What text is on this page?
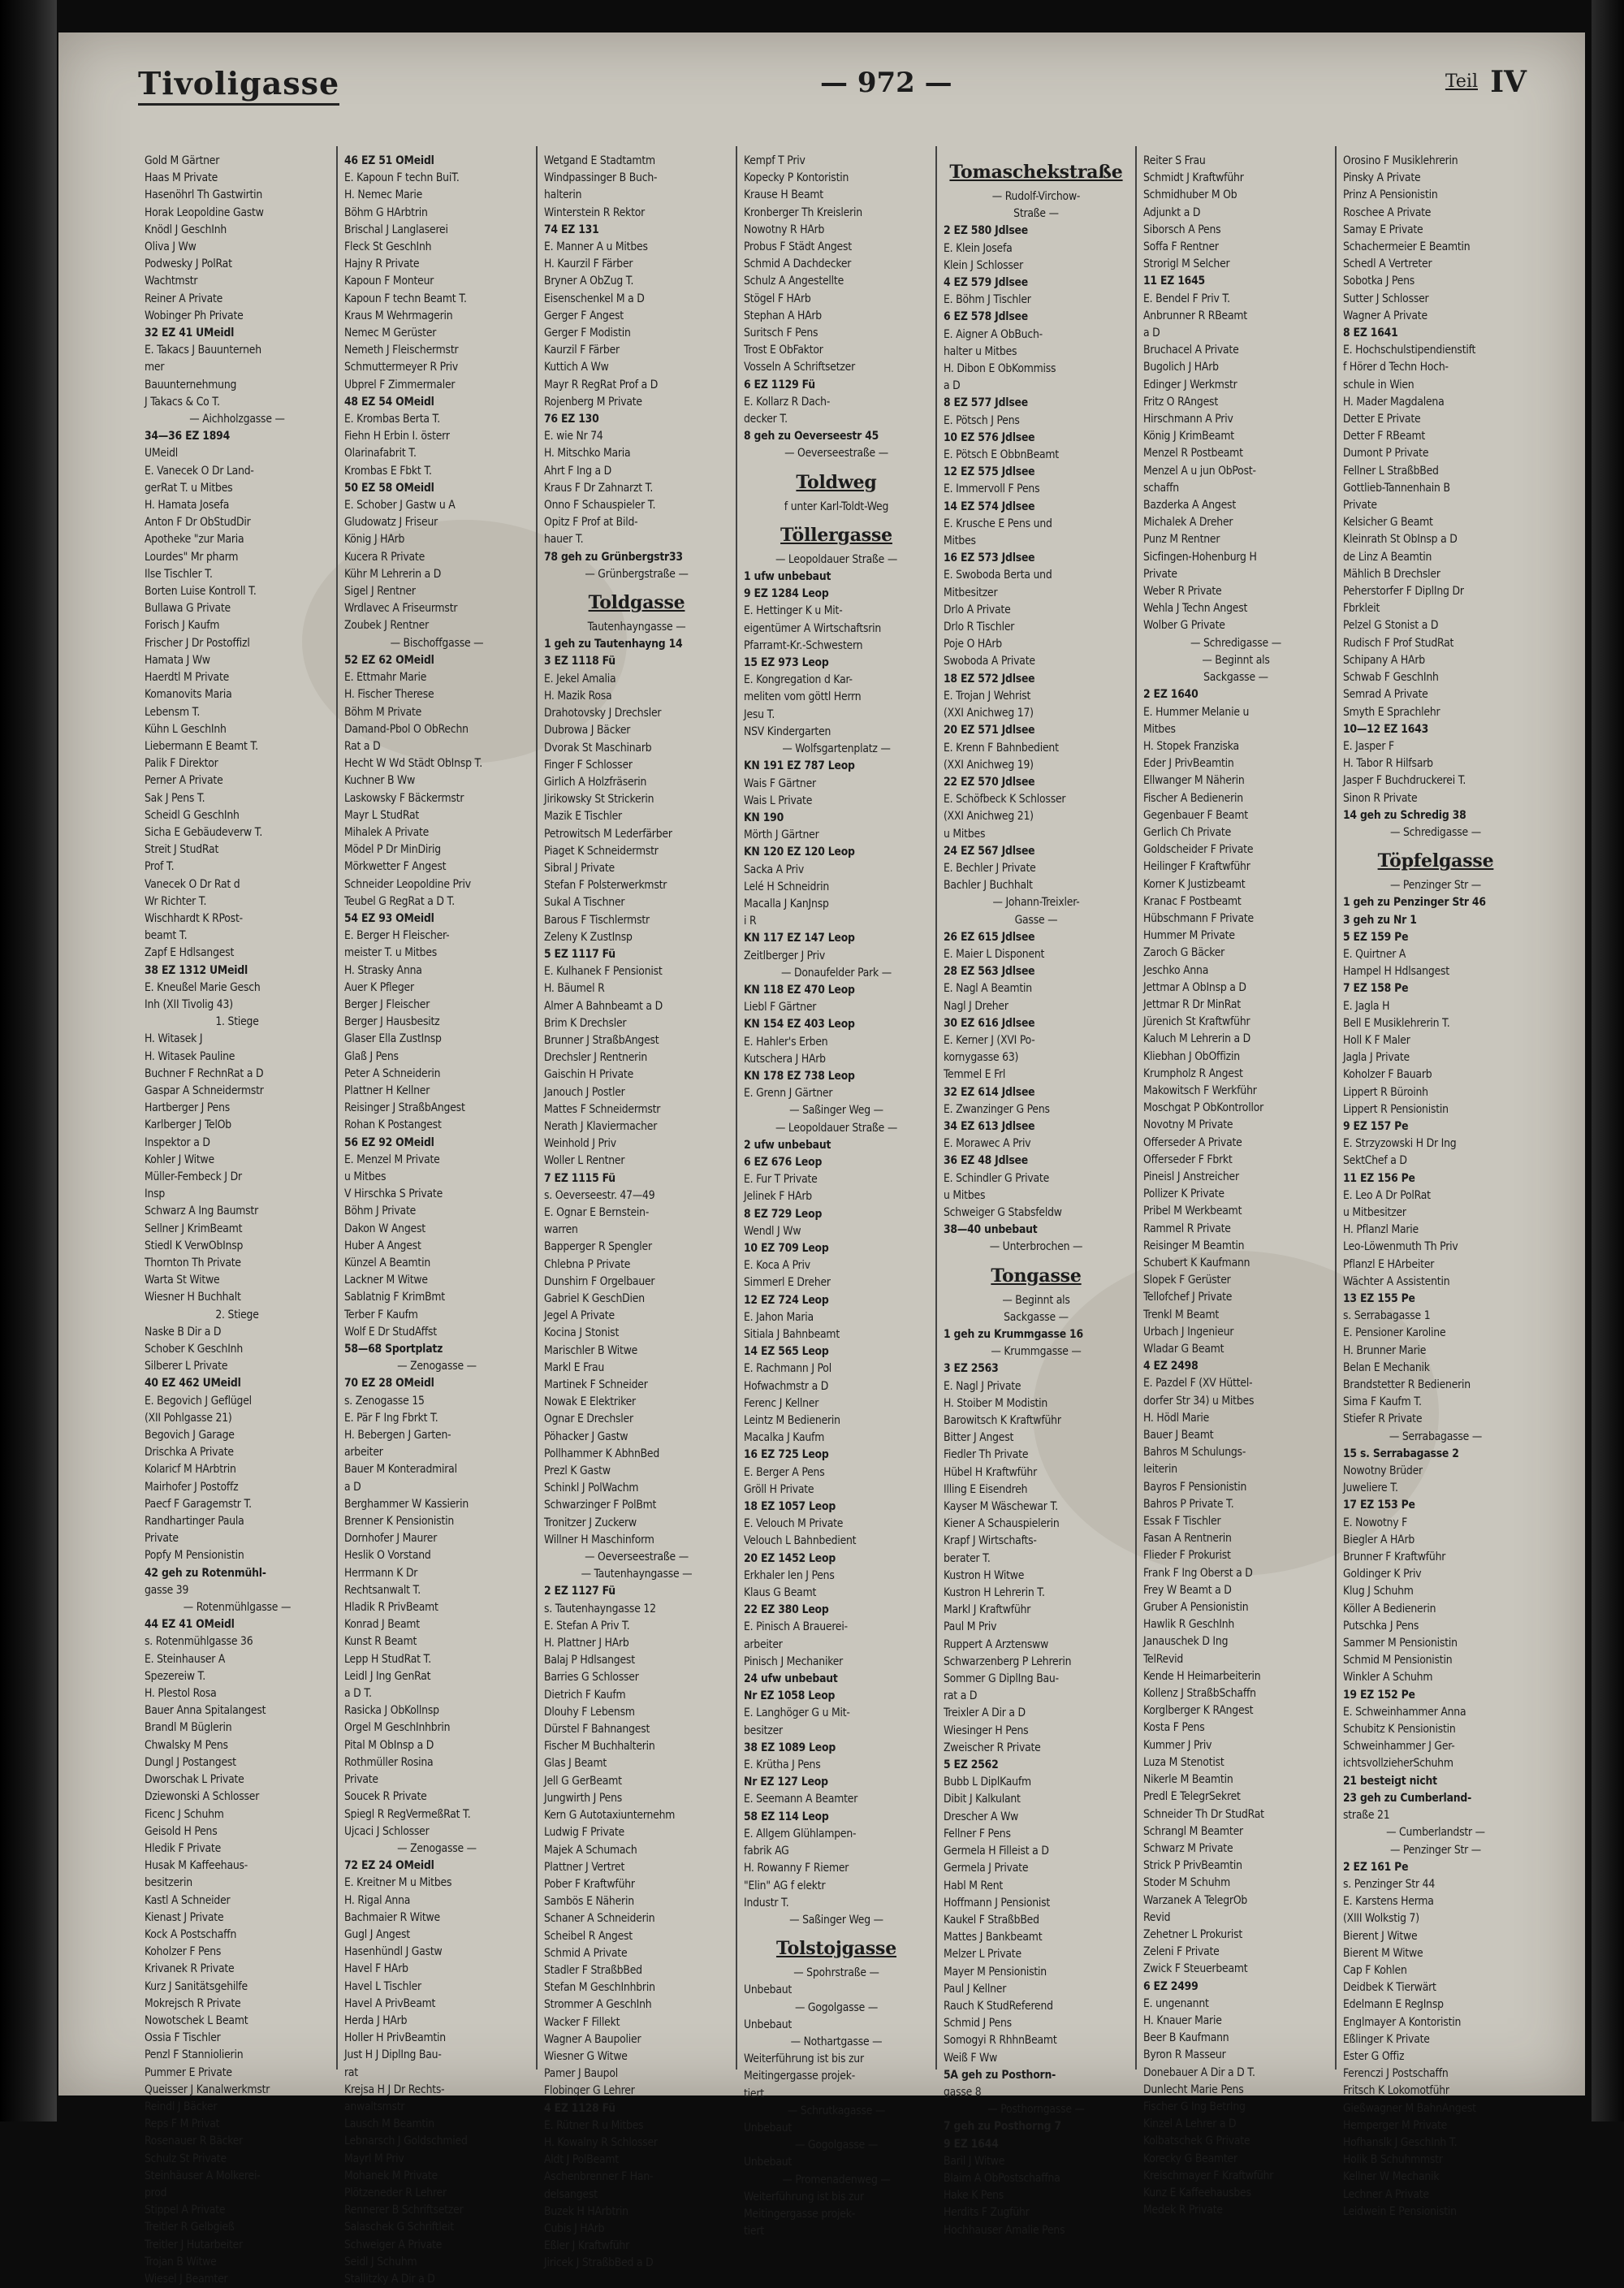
Tivoligasse	— 972 —	Teil IV
Gold M Gärtner
Haas M Private
Hasenöhrl Th Gastwirtin
Horak Leopoldine Gastw
Knödl J GeschInh
Oliva J Ww
Podwesky J PolRat
Wachtmstr
Reiner A Private
Wobinger Ph Private
32 EZ 41 UMeidl
E. Takacs J Bauunterneh
mer
Bauunternehmung
J Takacs & Co T.
— Aichholzgasse —
34—36 EZ 1894
UMeidl
E. Vanecek O Dr Land-
gerRat T. u Mitbes
H. Hamata Josefa
Anton F Dr ObStudDir
Apotheke "zur Maria
Lourdes" Mr pharm
Ilse Tischler T.
Borten Luise Kontroll T.
Bullawa G Private
Forisch J Kaufm
Frischer J Dr Postoffizl
Hamata J Ww
Haerdtl M Private
Komanovits Maria
Lebensm T.
Kühn L GeschInh
Liebermann E Beamt T.
Palik F Direktor
Perner A Private
Sak J Pens T.
Scheidl G GeschInh
Sicha E Gebäudeverw T.
Streit J StudRat
Prof T.
Vanecek O Dr Rat d
Wr Richter T.
Wischhardt K RPost-
beamt T.
Zapf E Hdlsangest
38 EZ 1312 UMeidl
E. Kneußel Marie Gesch
Inh (XII Tivolig 43)
1. Stiege
H. Witasek J
H. Witasek Pauline
Buchner F RechnRat a D
Gaspar A Schneidermstr
Hartberger J Pens
Karlberger J TelOb
Inspektor a D
Kohler J Witwe
Müller-Fembeck J Dr
Insp
Schwarz A Ing Baumstr
Sellner J KrimBeamt
Stiedl K VerwObInsp
Thornton Th Private
Warta St Witwe
Wiesner H Buchhalt
2. Stiege
Naske B Dir a D
Schober K GeschInh
Silberer L Private
40 EZ 462 UMeidl
E. Begovich J Geflügel
(XII Pohlgasse 21)
Begovich J Garage
Drischka A Private
Kolaricf M HArbtrin
Mairhofer J Postoffz
Paecf F Garagemstr T.
Randhartinger Paula
Private
Popfy M Pensionistin
42 geh zu Rotenmühl-
gasse 39
— Rotenmühlgasse —
44 EZ 41 OMeidl
s. Rotenmühlgasse 36
E. Steinhauser A
Spezereiw T.
H. Plestol Rosa
Bauer Anna Spitalangest
Brandl M Büglerin
Chwalsky M Pens
Dungl J Postangest
Dworschak L Private
Dziewonski A Schlosser
Ficenc J Schuhm
Geisold H Pens
Hledik F Private
Husak M Kaffeehaus-
besitzerin
Kastl A Schneider
Kienast J Private
Kock A Postschaffn
Koholzer F Pens
Krivanek R Private
Kurz J Sanitätsgehilfe
Mokrejsch R Private
Nowotschek L Beamt
Ossia F Tischler
Penzl F Stanniolierin
Pummer E Private
Queisser J Kanalwerkmstr
Reindl J Bäcker
Reps F M Privat
Rosenauer R Bäcker
Schulz St Private
Steinhäuser A Molkerei-
prod
Stippel A Private
Treitler R Gelbgieß
Treitler J Hutarbeiter
Trojan B Witwe
Wiesel J Beamter
46 EZ 51 OMeidl
E. Kapoun F techn BuiT.
H. Nemec Marie
Böhm G HArbtrin
Brischal J Langlaserei
Fleck St GeschInh
Hajny R Private
Kapoun F Monteur
Kapoun F techn Beamt T.
Kraus M Wehrmagerin
Nemec M Gerüster
Nemeth J Fleischermstr
Schmuttermeyer R Priv
Ubprel F Zimmermaler
48 EZ 54 OMeidl
E. Krombas Berta T.
Fiehn H Erbin I. österr
Olarinafabrit T.
Krombas E Fbkt T.
50 EZ 58 OMeidl
E. Schober J Gastw u A
Gludowatz J Friseur
König J HArb
Kucera R Private
Kühr M Lehrerin a D
Sigel J Rentner
Wrdlavec A Friseurmstr
Zoubek J Rentner
— Bischoffgasse —
52 EZ 62 OMeidl
E. Ettmahr Marie
H. Fischer Therese
Böhm M Private
Damand-Pbol O ObRechn
Rat a D
Hecht W Wd Städt ObInsp T.
Kuchner B Ww
Laskowsky F Bäckermstr
Mayr L StudRat
Mihalek A Private
Mödel P Dr MinDirig
Mörkwetter F Angest
Schneider Leopoldine Priv
Teubel G RegRat a D T.
54 EZ 93 OMeidl
E. Berger H Fleischer-
meister T. u Mitbes
H. Strasky Anna
Auer K Pfleger
Berger J Fleischer
Berger J Hausbesitz
Glaser Ella ZustInsp
Glaß J Pens
Peter A Schneiderin
Plattner H Kellner
Reisinger J StraßbAngest
Rohan K Postangest
56 EZ 92 OMeidl
E. Menzel M Private
u Mitbes
V Hirschka S Private
Böhm J Private
Dakon W Angest
Huber A Angest
Künzel A Beamtin
Lackner M Witwe
Sablatnig F KrimBmt
Terber F Kaufm
Wolf E Dr StudAffst
58—68 Sportplatz
— Zenogasse —
70 EZ 28 OMeidl
s. Zenogasse 15
E. Pär F Ing Fbrkt T.
H. Bebergen J Garten-
arbeiter
Bauer M Konteradmiral
a D
Berghammer W Kassierin
Brenner K Pensionistin
Dornhofer J Maurer
Heslik O Vorstand
Herrmann K Dr
Rechtsanwalt T.
Hladik R PrivBeamt
Konrad J Beamt
Kunst R Beamt
Lepp H StudRat T.
Leidl J Ing GenRat
a D T.
Rasicka J ObKollnsp
Orgel M GeschInhbrin
Pital M ObInsp a D
Rothmüller Rosina
Private
Soucek R Private
Spiegl R RegVermeßRat T.
Ujcaci J Schlosser
— Zenogasse —
72 EZ 24 OMeidl
E. Kreitner M u Mitbes
H. Rigal Anna
Bachmaier R Witwe
Gugl J Angest
Hasenhündl J Gastw
Havel F HArb
Havel L Tischler
Havel A PrivBeamt
Herda J HArb
Holler H PrivBeamtin
Just H J DiplIng Bau-
rat
Krejsa H J Dr Rechts-
anwaltsmstr
Lausch M Beamtin
Lebnarsch J Goldschmied
Mayrl M Priv
Mohanek M Private
Plötzeneder R Lehrer
Rennerer B Schriftsetzer
Salaschek G Schriftleit
Schweiger A Private
Seidl J Schuhm
Stallitzky A Dir a D
Wetgand E Stadtamtm
Windpassinger B Buch-
halterin
Winterstein R Rektor
74 EZ 131
E. Manner A u Mitbes
H. Kaurzil F Färber
Bryner A ObZug T.
Eisenschenkel M a D
Gerger F Angest
Gerger F Modistin
Kaurzil F Färber
Kuttich A Ww
Mayr R RegRat Prof a D
Rojenberg M Private
76 EZ 130
E. wie Nr 74
H. Mitschko Maria
Ahrt F Ing a D
Kraus F Dr Zahnarzt T.
Onno F Schauspieler T.
Opitz F Prof at Bild-
hauer T.
78 geh zu Grünbergstr33
— Grünbergstraße —
Toldgasse
Tautenhayngasse —
1 geh zu Tautenhayng 14
3 EZ 1118 Fü
E. Jekel Amalia
H. Mazik Rosa
Drahotovsky J Drechsler
Dubrowa J Bäcker
Dvorak St Maschinarb
Finger F Schlosser
Girlich A Holzfräserin
Jirikowsky St Strickerin
Mazik E Tischler
Petrowitsch M Lederfärber
Piaget K Schneidermstr
Sibral J Private
Stefan F Polsterwerkmstr
Sukal A Tischner
Barous F Tischlermstr
Zeleny K ZustInsp
5 EZ 1117 Fü
E. Kulhanek F Pensionist
H. Bäumel R
Almer A Bahnbeamt a D
Brim K Drechsler
Brunner J StraßbAngest
Drechsler J Rentnerin
Gaischin H Private
Janouch J Postler
Mattes F Schneidermstr
Nerath J Klaviermacher
Weinhold J Priv
Woller L Rentner
7 EZ 1115 Fü
s. Oeverseestr. 47—49
E. Ognar E Bernstein-
warren
Bapperger R Spengler
Chlebna P Private
Dunshirn F Orgelbauer
Gabriel K GeschDien
Jegel A Private
Kocina J Stonist
Marischler B Witwe
Markl E Frau
Martinek F Schneider
Nowak E Elektriker
Ognar E Drechsler
Pöhacker J Gastw
Pollhammer K AbhnBed
Prezl K Gastw
Schinkl J PolWachm
Schwarzinger F PolBmt
Tronitzer J Zuckerw
Willner H Maschinform
— Oeverseestraße —
— Tautenhayngasse —
2 EZ 1127 Fü
s. Tautenhayngasse 12
E. Stefan A Priv T.
H. Plattner J HArb
Balaj P Hdlsangest
Barries G Schlosser
Dietrich F Kaufm
Dlouhy F Lebensm
Dürstel F Bahnangest
Fischer M Buchhalterin
Glas J Beamt
Jell G GerBeamt
Jungwirth J Pens
Kern G Autotaxiunternehm
Ludwig F Private
Majek A Schumach
Plattner J Vertret
Pober F Kraftwführ
Sambös E Näherin
Schaner A Schneiderin
Scheibel R Angest
Schmid A Private
Stadler F StraßbBed
Stefan M GeschInhbrin
Strommer A GeschInh
Wacker F Fillekt
Wagner A Baupolier
Wiesner G Witwe
Pamer J Baupol
Flobinger G Lehrer
4 EZ 1128 Fü
E. Rütner R u Mitbes
H. Kowalny R Schlosser
Aldt J PolBeamt
Aschenbrenner F Han-
delsangest
Buzek H HArbtrin
Cubis J HArb
Eßler J Kraftwführ
Jiricek J StraßbBed a D
Kempf T Priv
Kopecky P Kontoristin
Krause H Beamt
Kronberger Th Kreislerin
Nowotny R HArb
Probus F Städt Angest
Schmid A Dachdecker
Schulz A Angestellte
Stögel F HArb
Stephan A HArb
Suritsch F Pens
Trost E ObFaktor
Vosseln A Schriftsetzer
6 EZ 1129 Fü
E. Kollarz R Dach-
decker T.
8 geh zu Oeverseestr 45
— Oeverseestraße —
Toldweg
f unter Karl-Toldt-Weg
Töllergasse
— Leopoldauer Straße —
1 ufw unbebaut
9 EZ 1284 Leop
E. Hettinger K u Mit-
eigentümer A Wirtschaftsrin
Pfarramt-Kr.-Schwestern
15 EZ 973 Leop
E. Kongregation d Kar-
meliten vom göttl Herrn
Jesu T.
NSV Kindergarten
— Wolfsgartenplatz —
KN 191 EZ 787 Leop
Wais F Gärtner
Wais L Private
KN 190
Mörth J Gärtner
KN 120 EZ 120 Leop
Sacka A Priv
Lelé H Schneidrin
Macalla J KanJnsp
i R
KN 117 EZ 147 Leop
Zeitlberger J Priv
— Donaufelder Park —
KN 118 EZ 470 Leop
Liebl F Gärtner
KN 154 EZ 403 Leop
E. Hahler's Erben
Kutschera J HArb
KN 178 EZ 738 Leop
E. Grenn J Gärtner
— Saßinger Weg —
— Leopoldauer Straße —
2 ufw unbebaut
6 EZ 676 Leop
E. Fur T Private
Jelinek F HArb
8 EZ 729 Leop
Wendl J Ww
10 EZ 709 Leop
E. Koca A Priv
Simmerl E Dreher
12 EZ 724 Leop
E. Jahon Maria
Sitiala J Bahnbeamt
14 EZ 565 Leop
E. Rachmann J Pol
Hofwachmstr a D
Ferenc J Kellner
Leintz M Bedienerin
Macalka J Kaufm
16 EZ 725 Leop
E. Berger A Pens
Gröll H Private
18 EZ 1057 Leop
E. Velouch M Private
Velouch L Bahnbedient
20 EZ 1452 Leop
Erkhaler Ien J Pens
Klaus G Beamt
22 EZ 380 Leop
E. Pinisch A Brauerei-
arbeiter
Pinisch J Mechaniker
24 ufw unbebaut
Nr EZ 1058 Leop
E. Langhöger G u Mit-
besitzer
38 EZ 1089 Leop
E. Krütha J Pens
Nr EZ 127 Leop
E. Seemann A Beamter
58 EZ 114 Leop
E. Allgem Glühlampen-
fabrik AG
H. Rowanny F Riemer
"Elin" AG f elektr
Industr T.
— Saßinger Weg —
Tolstojgasse
— Spohrstraße —
Unbebaut
— Gogolgasse —
Unbebaut
— Nothartgasse —
Weiterführung ist bis zur
Meitingergasse projek-
tiert
— Schrutkagasse —
Unbebaut
— Gogolgasse —
Unbebaut
— Promenadenweg —
Weiterführung ist bis zur
Meitingergasse projek-
tiert
Tomaschekstraße
— Rudolf-Virchow-
Straße —
2 EZ 580 Jdlsee
E. Klein Josefa
Klein J Schlosser
4 EZ 579 Jdlsee
E. Böhm J Tischler
6 EZ 578 Jdlsee
E. Aigner A ObBuch-
halter u Mitbes
H. Dibon E ObKommiss
a D
8 EZ 577 Jdlsee
E. Pötsch J Pens
10 EZ 576 Jdlsee
E. Pötsch E ObbnBeamt
12 EZ 575 Jdlsee
E. Immervoll F Pens
14 EZ 574 Jdlsee
E. Krusche E Pens und
Mitbes
16 EZ 573 Jdlsee
E. Swoboda Berta und
Mitbesitzer
Drlo A Private
Drlo R Tischler
Poje O HArb
Swoboda A Private
18 EZ 572 Jdlsee
E. Trojan J Wehrist
(XXI Anichweg 17)
20 EZ 571 Jdlsee
E. Krenn F Bahnbedient
(XXI Anichweg 19)
22 EZ 570 Jdlsee
E. Schöfbeck K Schlosser
(XXI Anichweg 21)
u Mitbes
24 EZ 567 Jdlsee
E. Bechler J Private
Bachler J Buchhalt
— Johann-Treixler-
Gasse —
26 EZ 615 Jdlsee
E. Maier L Disponent
28 EZ 563 Jdlsee
E. Nagl A Beamtin
Nagl J Dreher
30 EZ 616 Jdlsee
E. Kerner J (XVI Po-
kornygasse 63)
Temmel E Frl
32 EZ 614 Jdlsee
E. Zwanzinger G Pens
34 EZ 613 Jdlsee
E. Morawec A Priv
36 EZ 48 Jdlsee
E. Schindler G Private
u Mitbes
Schweiger G Stabsfeldw
38—40 unbebaut
— Unterbrochen —
Tongasse
— Beginnt als
Sackgasse —
1 geh zu Krummgasse 16
— Krummgasse —
3 EZ 2563
E. Nagl J Private
H. Stoiber M Modistin
Barowitsch K Kraftwführ
Bitter J Angest
Fiedler Th Private
Hübel H Kraftwführ
Illing E Eisendreh
Kayser M Wäschewar T.
Kiener A Schauspielerin
Krapf J Wirtschafts-
berater T.
Kustron H Witwe
Kustron H Lehrerin T.
Markl J Kraftwführ
Paul M Priv
Ruppert A Arztensww
Schwarzenberg P Lehrerin
Sommer G DiplIng Bau-
rat a D
Treixler A Dir a D
Wiesinger H Pens
Zweischer R Private
5 EZ 2562
Bubb L DiplKaufm
Dibit J Kalkulant
Drescher A Ww
Fellner F Pens
Germela H Filleist a D
Germela J Private
Habl M Rent
Hoffmann J Pensionist
Kaukel F StraßbBed
Mattes J Bankbeamt
Melzer L Private
Mayer M Pensionistin
Paul J Kellner
Rauch K StudReferend
Schmid J Pens
Somogyi R RhhnBeamt
Weiß F Ww
5A geh zu Posthorn-
gasse 8
— Posthorngasse —
7 geh zu Posthorng 7
9 EZ 1644
Baril J Witwe
Blaim A ObPostschaffna
Hake K Pens
Herdits F Zugführ
Hochhauser Amalie Pens
Reiter S Frau
Schmidt J Kraftwführ
Schmidhuber M Ob
Adjunkt a D
Siborsch A Pens
Soffa F Rentner
Strorigl M Selcher
11 EZ 1645
E. Bendel F Priv T.
Anbrunner R RBeamt
a D
Bruchacel A Private
Bugolich J HArb
Edinger J Werkmstr
Fritz O RAngest
Hirschmann A Priv
König J KrimBeamt
Menzel R Postbeamt
Menzel A u jun ObPost-
schaffn
Bazderka A Angest
Michalek A Dreher
Punz M Rentner
Sicfingen-Hohenburg H
Private
Weber R Private
Wehla J Techn Angest
Wolber G Private
— Schredigasse —
— Beginnt als
Sackgasse —
2 EZ 1640
E. Hummer Melanie u
Mitbes
H. Stopek Franziska
Eder J PrivBeamtin
Ellwanger M Näherin
Fischer A Bedienerin
Gegenbauer F Beamt
Gerlich Ch Private
Goldscheider F Private
Heilinger F Kraftwführ
Korner K Justizbeamt
Kranac F Postbeamt
Hübschmann F Private
Hummer M Private
Zaroch G Bäcker
Jeschko Anna
Jettmar A ObInsp a D
Jettmar R Dr MinRat
Jürenich St Kraftwführ
Kaluch M Lehrerin a D
Kliebhan J ObOffizin
Krumpholz R Angest
Makowitsch F Werkführ
Moschgat P ObKontrollor
Novotny M Private
Offerseder A Private
Offerseder F Fbrkt
Pineisl J Anstreicher
Pollizer K Private
Pribel M Werkbeamt
Rammel R Private
Reisinger M Beamtin
Schubert K Kaufmann
Slopek F Gerüster
Tellofchef J Private
Trenkl M Beamt
Urbach J Ingenieur
Wladar G Beamt
4 EZ 2498
E. Pazdel F (XV Hüttel-
dorfer Str 34) u Mitbes
H. Hödl Marie
Bauer J Beamt
Bahros M Schulungs-
leiterin
Bayros F Pensionistin
Bahros P Private T.
Essak F Tischler
Fasan A Rentnerin
Flieder F Prokurist
Frank F Ing Oberst a D
Frey W Beamt a D
Gruber A Pensionistin
Hawlik R GeschInh
Janauschek D Ing
TelRevid
Kende H Heimarbeiterin
Kollenz J StraßbSchaffn
Korglberger K RAngest
Kosta F Pens
Kummer J Priv
Luza M Stenotist
Nikerle M Beamtin
Predl E TelegrSekret
Schneider Th Dr StudRat
Schrangl M Beamter
Schwarz M Private
Strick P PrivBeamtin
Stoder M Schuhm
Warzanek A TelegrOb
Revid
Zehetner L Prokurist
Zeleni F Private
Zwick F Steuerbeamt
6 EZ 2499
E. ungenannt
H. Knauer Marie
Beer B Kaufmann
Byron R Masseur
Donebauer A Dir a D T.
Dunlecht Marie Pens
Fischer G Ing BetrIng
Kinzel A Lehrer a D
Kolbatschek G Private
Korecky G Beamter
Kreischmayer F Kraftwführ
Kunz E Kaffeehausbes
Medek R Private
Orosino F Musiklehrerin
Pinsky A Private
Prinz A Pensionistin
Roschee A Private
Samay E Private
Schachermeier E Beamtin
Schedl A Vertreter
Sobotka J Pens
Sutter J Schlosser
Wagner A Private
8 EZ 1641
E. Hochschulstipendienstift
f Hörer d Techn Hoch-
schule in Wien
H. Mader Magdalena
Detter E Private
Detter F RBeamt
Dumont P Private
Fellner L StraßbBed
Gottlieb-Tannenhain B
Private
Kelsicher G Beamt
Kleinrath St ObInsp a D
de Linz A Beamtin
Mählich B Drechsler
Peherstorfer F DiplIng Dr
Fbrkleit
Pelzel G Stonist a D
Rudisch F Prof StudRat
Schipany A HArb
Schwab F GeschInh
Semrad A Private
Smyth E Sprachlehr
10—12 EZ 1643
E. Jasper F
H. Tabor R Hilfsarb
Jasper F Buchdruckerei T.
Sinon R Private
14 geh zu Schredig 38
— Schredigasse —
Töpfelgasse
— Penzinger Str —
1 geh zu Penzinger Str 46
3 geh zu Nr 1
5 EZ 159 Pe
E. Quirtner A
Hampel H Hdlsangest
7 EZ 158 Pe
E. Jagla H
Bell E Musiklehrerin T.
Holl K F Maler
Jagla J Private
Koholzer F Bauarb
Lippert R Büroinh
Lippert R Pensionistin
9 EZ 157 Pe
E. Strzyzowski H Dr Ing
SektChef a D
11 EZ 156 Pe
E. Leo A Dr PolRat
u Mitbesitzer
H. Pflanzl Marie
Leo-Löwenmuth Th Priv
Pflanzl E HArbeiter
Wächter A Assistentin
13 EZ 155 Pe
s. Serrabagasse 1
E. Pensioner Karoline
H. Brunner Marie
Belan E Mechanik
Brandstetter R Bedienerin
Sima F Kaufm T.
Stiefer R Private
— Serrabagasse —
15 s. Serrabagasse 2
Nowotny Brüder
Juweliere T.
17 EZ 153 Pe
E. Nowotny F
Biegler A HArb
Brunner F Kraftwführ
Goldinger K Priv
Klug J Schuhm
Köller A Bedienerin
Putschka J Pens
Sammer M Pensionistin
Schmid M Pensionistin
Winkler A Schuhm
19 EZ 152 Pe
E. Schweinhammer Anna
Schubitz K Pensionistin
Schweinhammer J Ger-
ichtsvollzieherSchuhm
21 besteigt nicht
23 geh zu Cumberland-
straße 21
— Cumberlandstr —
— Penzinger Str —
2 EZ 161 Pe
s. Penzinger Str 44
E. Karstens Herma
(XIII Wolkstig 7)
Bierent J Witwe
Bierent M Witwe
Cap F Kohlen
Deidbek K Tierwärt
Edelmann E RegInsp
Englmayer A Kontoristin
Eßlinger K Private
Ester G Offiz
Ferenczi J Postschaffn
Fritsch K Lokomotführ
Gießwagner M BahnAngest
Hemperger M Private
Hofhanslk J GeschInh T.
Holik B Schuhmmstr
Kellner W Mechanik
Lechner A Private
Leidwein E Pensionistin
